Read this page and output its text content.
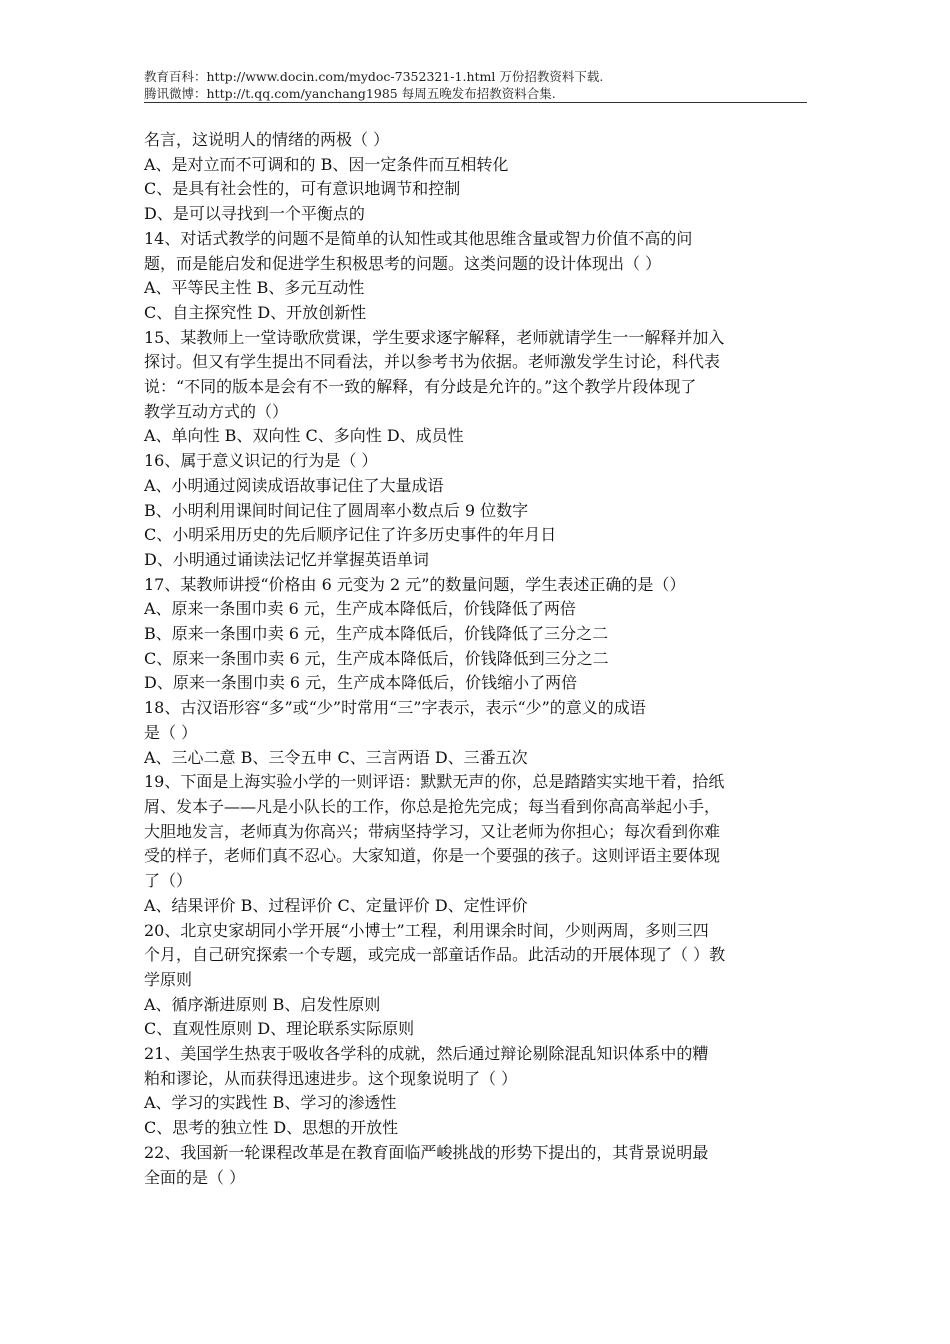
教育百科：http://www.docin.com/mydoc-7352321-1.html 万份招教资料下载.
腾讯微博：http://t.qq.com/yanchang1985 每周五晚发布招教资料合集.
名言，这说明人的情绪的两极（ ）
A、是对立而不可调和的 B、因一定条件而互相转化
C、是具有社会性的，可有意识地调节和控制
D、是可以寻找到一个平衡点的
14、对话式教学的问题不是简单的认知性或其他思维含量或智力价值不高的问
题，而是能启发和促进学生积极思考的问题。这类问题的设计体现出（ ）
A、平等民主性 B、多元互动性
C、自主探究性 D、开放创新性
15、某教师上一堂诗歌欣赏课，学生要求逐字解释，老师就请学生一一解释并加入
探讨。但又有学生提出不同看法，并以参考书为依据。老师激发学生讨论，科代表
说：“不同的版本是会有不一致的解释，有分歧是允许的。”这个教学片段体现了
教学互动方式的（）
A、单向性 B、双向性 C、多向性 D、成员性
16、属于意义识记的行为是（ ）
A、小明通过阅读成语故事记住了大量成语
B、小明利用课间时间记住了圆周率小数点后 9 位数字
C、小明采用历史的先后顺序记住了许多历史事件的年月日
D、小明通过诵读法记忆并掌握英语单词
17、某教师讲授“价格由 6 元变为 2 元”的数量问题，学生表述正确的是（）
A、原来一条围巾卖 6 元，生产成本降低后，价钱降低了两倍
B、原来一条围巾卖 6 元，生产成本降低后，价钱降低了三分之二
C、原来一条围巾卖 6 元，生产成本降低后，价钱降低到三分之二
D、原来一条围巾卖 6 元，生产成本降低后，价钱缩小了两倍
18、古汉语形容“多”或“少”时常用“三”字表示，表示“少”的意义的成语
是（ ）
A、三心二意 B、三令五申 C、三言两语 D、三番五次
19、下面是上海实验小学的一则评语：默默无声的你，总是踏踏实实地干着，拾纸
屑、发本子——凡是小队长的工作，你总是抢先完成；每当看到你高高举起小手，
大胆地发言，老师真为你高兴；带病坚持学习，又让老师为你担心；每次看到你难
受的样子，老师们真不忍心。大家知道，你是一个要强的孩子。这则评语主要体现
了（）
A、结果评价 B、过程评价 C、定量评价 D、定性评价
20、北京史家胡同小学开展“小博士”工程，利用课余时间，少则两周，多则三四
个月，自己研究探索一个专题，或完成一部童话作品。此活动的开展体现了（ ）教
学原则
A、循序渐进原则 B、启发性原则
C、直观性原则 D、理论联系实际原则
21、美国学生热衷于吸收各学科的成就，然后通过辩论剔除混乱知识体系中的糟
粕和谬论，从而获得迅速进步。这个现象说明了（ ）
A、学习的实践性 B、学习的渗透性
C、思考的独立性 D、思想的开放性
22、我国新一轮课程改革是在教育面临严峻挑战的形势下提出的，其背景说明最
全面的是（ ）
